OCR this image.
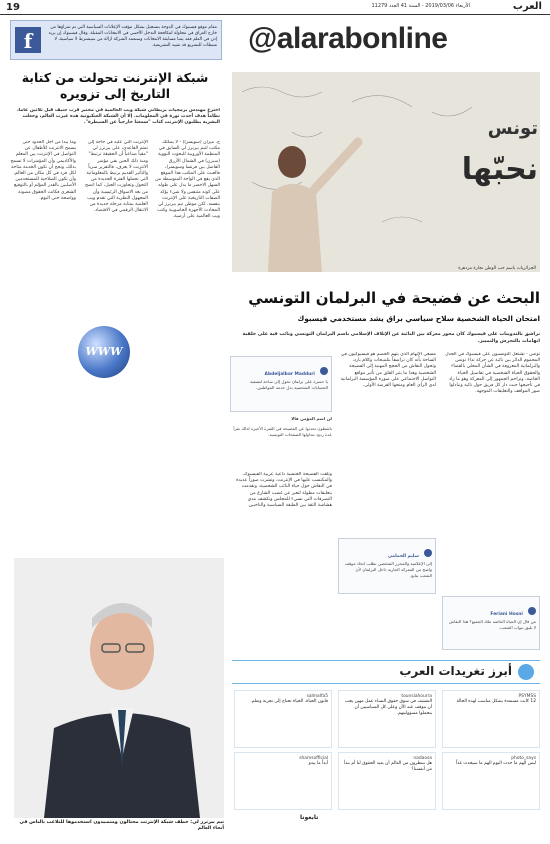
19	الأربعاء 2019/03/06 - السنة 41 العدد 11279	العرب
f
مقام موقع فيسبوك في الدوحة بتسجيل بشكل مؤقت الإعلانات السياسية التي تم شراؤها من خارج العراق في محاولة لمكافحة التدخل الأجنبي في الانتخابات المقبلة. وقال فيسبوك إن بريد إذن في العلم فقد يمنا مسابقة الانتخابات وستعمد الشركة ازالة من سيشترط لا سياسية، لا متبطات للتشريع قد تقييد التشريعية. @alarabonline
شبكة الإنترنت تحولت من كتابة التاريخ إلى تزويره
أخترع مهندس برمجيات بريطاني شبكة ويب العالمية في مختبر قرب جنيف قبل ثلاثين عاماً، نظاماً هدف أحدث ثورة في المعلومات. إلا أن الشبكة العنكبوتية هذه غيرت العالم، وجعلت البشرية يطلبون الإنترنت كتاب "سمعنا خارجياً عن السيطرة".
ج. ميران (سويسرا) - لا يمكنك مكتب لتيم بيرنرز لي السابق في المنظمة الأوروبية للبحوث النووية (سيرن) في الشمال الأزرق الفاصل بين فرنسا وسويسرا، فالعبث على المكتب هذا الموقع الذي يقع في الواحة المتوسطة من السهل الاخضر ما يدل على طوله على كونه متنفس ولا شيء يؤكد الصفات التاريخية على الإنترنت بنفسه. لكن موطن تيم بيرنرز لي المحادث الأجهزة الحاسوبية وكتب ويب العالمية على أرضية.
الإنترنت التي عليه في حاجة إلى تمتم القاعدي، على بيرنرز لي "مقياً صناعياً أن الحقيقة ترتبط" ومنذ ذلك الحين بقي مؤشر الانترنت لا يعرف، فالتقرير سرياً والتأثير القديم يرتبط بالمعلوماتية التي تحملها الفترة الجديدة من التحول وتجاوزت الجيل، كما اتضح من بعد الاسواق الرئيسية وأن المجهول النظرية التي تقدم ويب العلمية بمثابة مرحلة جديدة من الانتقال الرقمي في الاقتصاد.
وما يبدأ من أجل الحدود حتى يسمح الانترنت للأطفال عن التواصل في الإنترنت بين المعلم والأكاديمي وأن المؤشرات لا تسمح بذلك، ونجح أن تكون الخدمة متاحة لكل فرد في كل مكان من العالم، وأن تكون الصلاحية للمستخدمين الأصليين بالقدر المؤلم أو بالتوقيع الشعري فكانت الحقوق مصونة وواضحة حتى اليوم.
WWW
تيم بيرنرز لي: خطف شبكة الإنترنت محتالون ومتصيدون استخدموها للتلاعب بالناس في أنحاء العالم
تونس
نحبّها
الجزائريات باسم حب الوطن تجارة مزدهرة
البحث عن فضيحة في البرلمان التونسي
امتحان الحياة الشخصية سلاح سياسي براق يشد مستخدمي فيسبوك
تراشق بالتدوينات على فيسبوك كان محور معركة بين النائبة عن الإتلاف الإسلامي باسم البرلمان التونسي ونائب فيه على خلفية اتهامات بالتحرش والتمييز.
تونس - تشتعل التونسيون على فيسبوك في الجدل المحموم الدائر بين نائبة عن حركة نداء تونس والبرلمانية المعروفة في الشأن المحلي بالقضاء والحقوق الحياة الشخصية في تفاصيل الحياة الخاصة، وتزاحم الجمهور إلى المعركة وهو ما زاد في تأجيجها حيث دار كل فريق حول نائبه وتبادلوا صور المواقف والتعليقات الموجهة.
مسعى الإتهام الذي يتهم الخصم هو فيسبوكيون في الساحة بأنه كان تراشقاً بتلميحات وكلام بارد، وتحول النقاش من الحجج المهنية إلى الفضيحة الشخصية وهذا ما يثير القلق من تأثير مواقع التواصل الاجتماعي على صورة المؤسسة البرلمانية لدى الرأي العام ومنحها الفرصة الأولى.
وتلقت الفضيحة الجنسية داعية عربية الفيسبوك، والمكتسب عليها في الإنترنت، ونشرت صوراً عديدة في النقاش حول حياة النائب الشخصية، وتقدمت بتعليقات مطولة لتعبر عن غضب الشارع من التصرفات التي تسيء للمجلس وتكشف مدى هشاشة الثقة بين الطبقة السياسية والناخبين.
سليم الحمامي
إلى الإعلامية والمحرر الشخصي نطلب اتخاذ موقف واضح من المعركة الجارية داخل البرلمان لأن الشعب يتابع.
Abdeljalbar Madduri
يا حسرة على برلمان تحول إلى ساحة لتصفية الحسابات الشخصية بدل خدمة المواطنين.
Feriani Hosni
من قال إن الحياة الخاصة ملك الجميع؟ هذا النقاش لا يليق بنواب الشعب.
لن اسم المؤمن فالا
ناشطون تحدثوا عن الفضيحة في الفترة الأخيرة لذلك نقرأ عدة ردود تتداولها الصفحات التونسية.
أبرز تغريدات العرب
PSYMSS
12 كانت مستعدة بشكل مناسب لهذه الحالة
tounsiahourra
التقشف في سوق حقوق النساء عمل مهين يجب أن نتوقف عنه الآن وعلى كل السياسيين أن يتحملوا مسؤوليتهم.
salmalfa5
قانون الحياة، الحياة تحتاج إلى تجربة وتعلم.
photo_says
ليس الهم ما حدث اليوم الهم ما سيحدث غداً
nadaosa
هل تنتظرون من العالم أن يعيد الحقوق لنا أم نبدأ من أنفسنا؟
shamsofficial
أبداً ما يبدو
تابعونا
